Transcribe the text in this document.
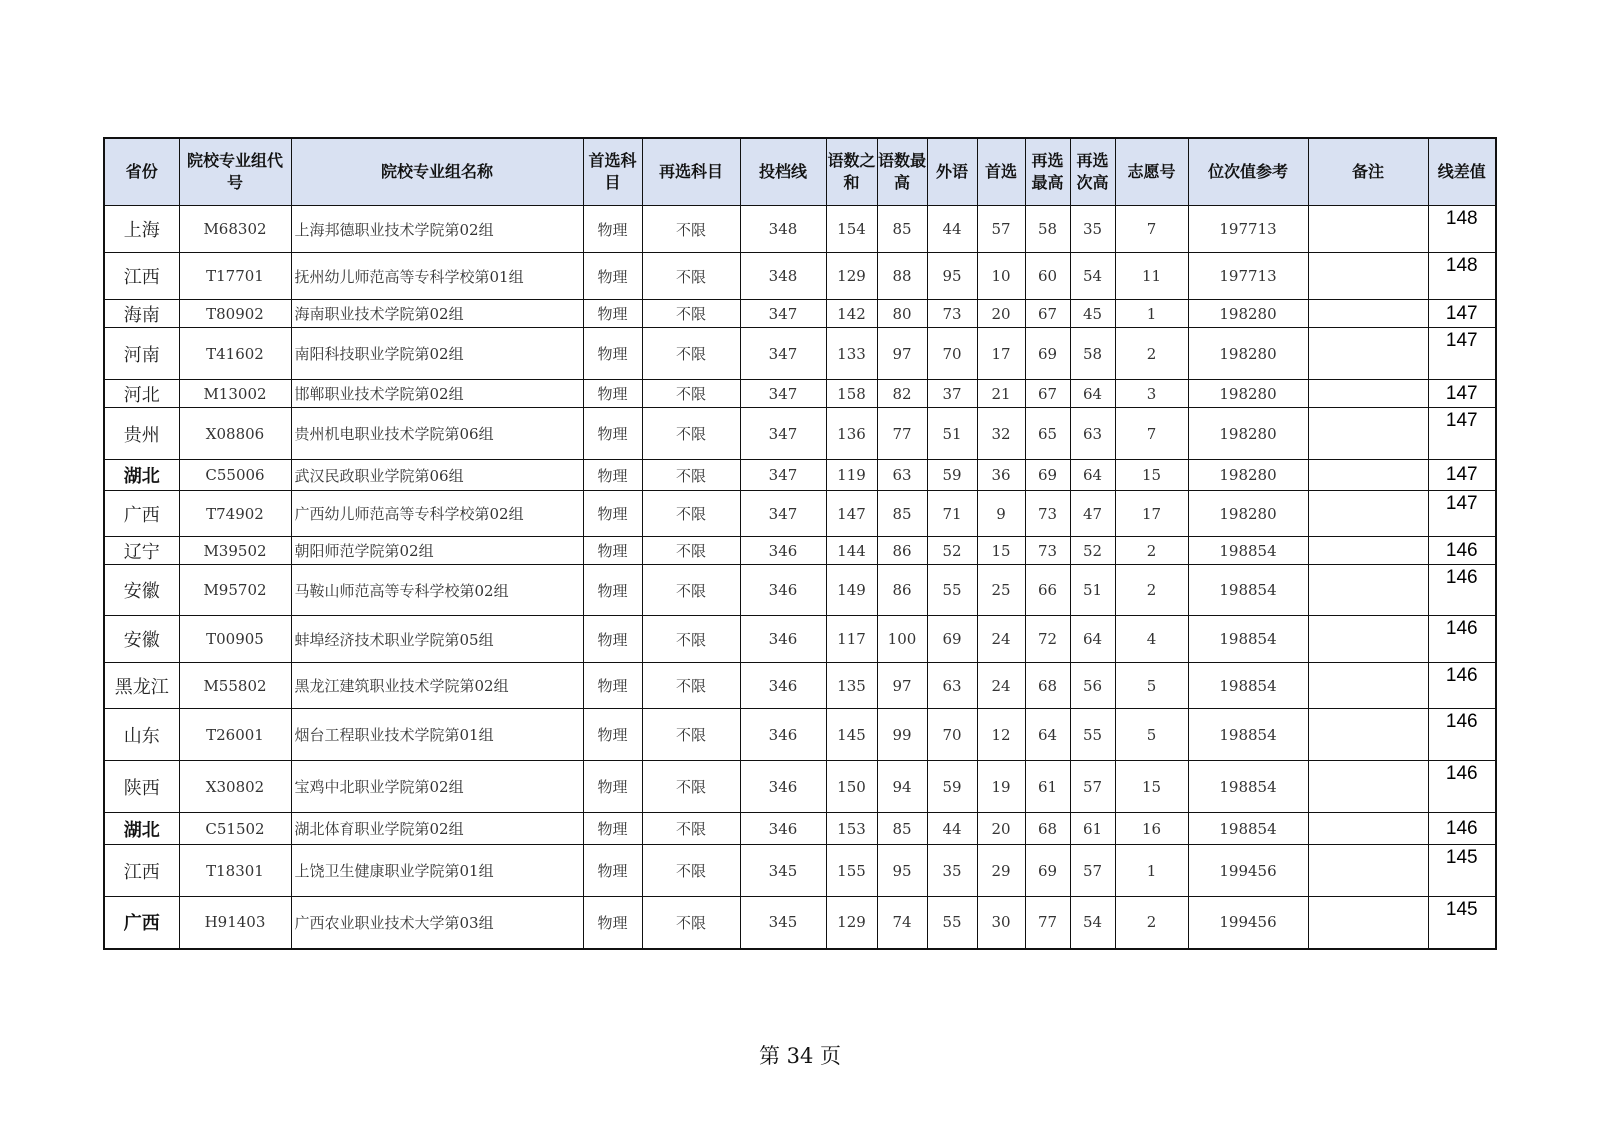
省份	院校专业组代号	院校专业组名称	首选科目	再选科目	投档线	语数之和	语数最高	外语	首选	再选最高	再选次高	志愿号	位次值参考	备注	线差值
上海	M68302	上海邦德职业技术学院第02组	物理	不限	348	154	85	44	57	58	35	7	197713		148
江西	T17701	抚州幼儿师范高等专科学校第01组	物理	不限	348	129	88	95	10	60	54	11	197713		148
海南	T80902	海南职业技术学院第02组	物理	不限	347	142	80	73	20	67	45	1	198280		147
河南	T41602	南阳科技职业学院第02组	物理	不限	347	133	97	70	17	69	58	2	198280		147
河北	M13002	邯郸职业技术学院第02组	物理	不限	347	158	82	37	21	67	64	3	198280		147
贵州	X08806	贵州机电职业技术学院第06组	物理	不限	347	136	77	51	32	65	63	7	198280		147
湖北	C55006	武汉民政职业学院第06组	物理	不限	347	119	63	59	36	69	64	15	198280		147
广西	T74902	广西幼儿师范高等专科学校第02组	物理	不限	347	147	85	71	9	73	47	17	198280		147
辽宁	M39502	朝阳师范学院第02组	物理	不限	346	144	86	52	15	73	52	2	198854		146
安徽	M95702	马鞍山师范高等专科学校第02组	物理	不限	346	149	86	55	25	66	51	2	198854		146
安徽	T00905	蚌埠经济技术职业学院第05组	物理	不限	346	117	100	69	24	72	64	4	198854		146
黑龙江	M55802	黑龙江建筑职业技术学院第02组	物理	不限	346	135	97	63	24	68	56	5	198854		146
山东	T26001	烟台工程职业技术学院第01组	物理	不限	346	145	99	70	12	64	55	5	198854		146
陕西	X30802	宝鸡中北职业学院第02组	物理	不限	346	150	94	59	19	61	57	15	198854		146
湖北	C51502	湖北体育职业学院第02组	物理	不限	346	153	85	44	20	68	61	16	198854		146
江西	T18301	上饶卫生健康职业学院第01组	物理	不限	345	155	95	35	29	69	57	1	199456		145
广西	H91403	广西农业职业技术大学第03组	物理	不限	345	129	74	55	30	77	54	2	199456		145
第 34 页
